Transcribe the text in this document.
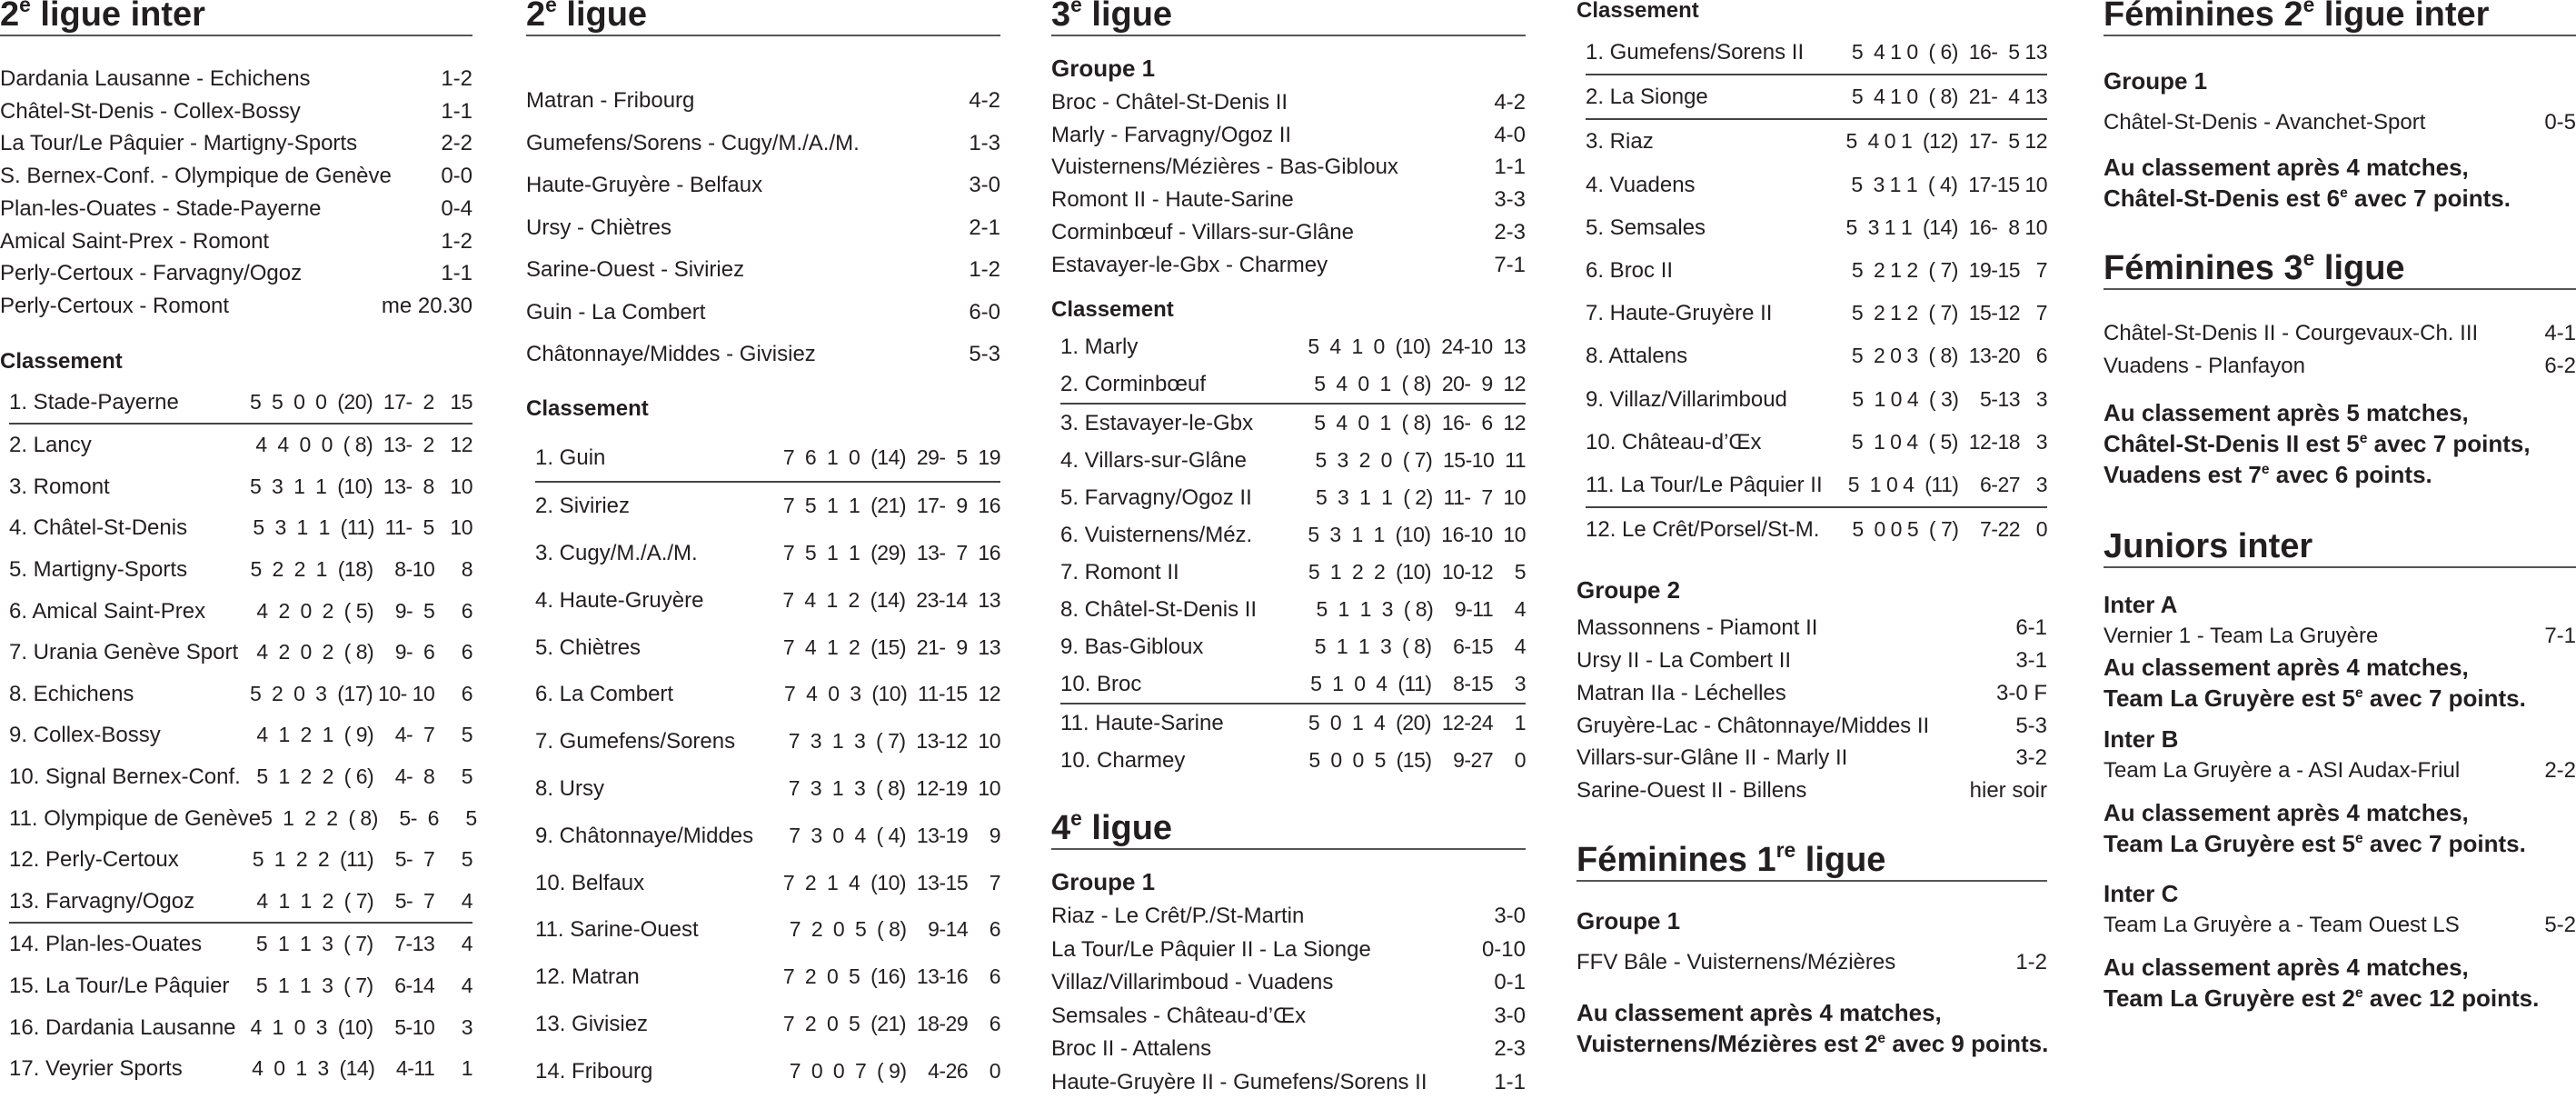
2e ligue inter
Dardania Lausanne - Echichens	1-2
Châtel-St-Denis - Collex-Bossy	1-1
La Tour/Le Pâquier - Martigny-Sports	2-2
S. Bernex-Conf. - Olympique de Genève	0-0
Plan-les-Ouates - Stade-Payerne	0-4
Amical Saint-Prex - Romont	1-2
Perly-Certoux - Farvagny/Ogoz	1-1
Perly-Certoux - Romont	me 20.30
Classement
1. Stade-Payerne	5  5  0  0  (20)  17-  2   15
2. Lancy	4  4  0  0  ( 8)  13-  2   12
3. Romont	5  3  1  1  (10)  13-  8   10
4. Châtel-St-Denis	5  3  1  1  (11)  11-  5   10
5. Martigny-Sports	5  2  2  1  (18)    8-10     8
6. Amical Saint-Prex 4  2  0  2  ( 5)    9-  5     6
7. Urania Genève Sport 4  2  0  2  ( 8)    9-  6     6
8. Echichens	5  2  0  3  (17) 10- 10     6
9. Collex-Bossy	4  1  2  1  ( 9)    4-  7     5
10. Signal Bernex-Conf. 5  1  2  2  ( 6)    4-  8     5
11. Olympique de Genève 5  1  2  2  ( 8)    5-  6     5
12. Perly-Certoux	5  1  2  2  (11)    5-  7     5
13. Farvagny/Ogoz	4  1  1  2  ( 7)    5-  7     4
14. Plan-les-Ouates	5  1  1  3  ( 7)    7-13     4
15. La Tour/Le Pâquier 5  1  1  3  ( 7)    6-14     4
16. Dardania Lausanne 4  1  0  3  (10)    5-10     3
17. Veyrier Sports	4  0  1  3  (14)    4-11     1
2e ligue
Matran - Fribourg	4-2
Gumefens/Sorens - Cugy/M./A./M.	1-3
Haute-Gruyère - Belfaux	3-0
Ursy - Chiètres	2-1
Sarine-Ouest - Siviriez	1-2
Guin - La Combert	6-0
Châtonnaye/Middes - Givisiez	5-3
Classement
1. Guin	7  6  1  0  (14)  29-  5  19
2. Siviriez	7  5  1  1  (21)  17-  9  16
3. Cugy/M./A./M.	7  5  1  1  (29)  13-  7  16
4. Haute-Gruyère	7  4  1  2  (14)  23-14  13
5. Chiètres	7  4  1  2  (15)  21-  9  13
6. La Combert	7  4  0  3  (10)  11-15  12
7. Gumefens/Sorens	7  3  1  3  ( 7)  13-12  10
8. Ursy	7  3  1  3  ( 8)  12-19  10
9. Châtonnaye/Middes 7  3  0  4  ( 4)  13-19    9
10. Belfaux	7  2  1  4  (10)  13-15    7
11. Sarine-Ouest	7  2  0  5  ( 8)    9-14    6
12. Matran	7  2  0  5  (16)  13-16    6
13. Givisiez	7  2  0  5  (21)  18-29    6
14. Fribourg	7  0  0  7  ( 9)    4-26    0
3e ligue
Groupe 1
Broc - Châtel-St-Denis II	4-2
Marly - Farvagny/Ogoz II	4-0
Vuisternens/Mézières - Bas-Gibloux	1-1
Romont II - Haute-Sarine	3-3
Corminbœuf - Villars-sur-Glâne	2-3
Estavayer-le-Gbx - Charmey	7-1
Classement
1. Marly	5  4  1  0  (10)  24-10  13
2. Corminbœuf	5  4  0  1  ( 8)  20-  9  12
3. Estavayer-le-Gbx	5  4  0  1  ( 8)  16-  6  12
4. Villars-sur-Glâne	5  3  2  0  ( 7)  15-10  11
5. Farvagny/Ogoz II	5  3  1  1  ( 2)  11-  7  10
6. Vuisternens/Méz.	5  3  1  1  (10)  16-10  10
7. Romont II	5  1  2  2  (10)  10-12    5
8. Châtel-St-Denis II	5  1  1  3  ( 8)    9-11    4
9. Bas-Gibloux	5  1  1  3  ( 8)    6-15    4
10. Broc	5  1  0  4  (11)    8-15    3
11. Haute-Sarine	5  0  1  4  (20)  12-24    1
10. Charmey	5  0  0  5  (15)    9-27    0
4e ligue
Groupe 1
Riaz - Le Crêt/P./St-Martin	3-0
La Tour/Le Pâquier II - La Sionge	0-10
Villaz/Villarimboud - Vuadens	0-1
Semsales - Château-d’Œx	3-0
Broc II - Attalens	2-3
Haute-Gruyère II - Gumefens/Sorens II	1-1
Classement
1. Gumefens/Sorens II 5  4 1 0  ( 6)  16-  5 13
2. La Sionge	5  4 1 0  ( 8)  21-  4 13
3. Riaz	5  4 0 1  (12)  17-  5 12
4. Vuadens	5  3 1 1  ( 4)  17-15 10
5. Semsales	5  3 1 1  (14)  16-  8 10
6. Broc II	5  2 1 2  ( 7)  19-15   7
7. Haute-Gruyère II	5  2 1 2  ( 7)  15-12   7
8. Attalens	5  2 0 3  ( 8)  13-20   6
9. Villaz/Villarimboud	5  1 0 4  ( 3)    5-13   3
10. Château-d’Œx	5  1 0 4  ( 5)  12-18   3
11. La Tour/Le Pâquier II 5  1 0 4  (11)    6-27   3
12. Le Crêt/Porsel/St-M. 5  0 0 5  ( 7)    7-22   0
Groupe 2
Massonnens - Piamont II	6-1
Ursy II - La Combert II	3-1
Matran IIa - Léchelles	3-0 F
Gruyère-Lac - Châtonnaye/Middes II	5-3
Villars-sur-Glâne II - Marly II	3-2
Sarine-Ouest II - Billens	hier soir
Féminines 1re ligue
Groupe 1
FFV Bâle - Vuisternens/Mézières	1-2

Au classement après 4 matches,

Vuisternens/Mézières est 2e avec 9 points.

Féminines 2e ligue inter
Groupe 1
Châtel-St-Denis - Avanchet-Sport	0-5

Au classement après 4 matches,

Châtel-St-Denis est 6e avec 7 points.

Féminines 3e ligue
Châtel-St-Denis II - Courgevaux-Ch. III	4-1
Vuadens - Planfayon	6-2

Au classement après 5 matches,

Châtel-St-Denis II est 5e avec 7 points,

Vuadens est 7e avec 6 points.

Juniors inter
Inter A
Vernier 1 - Team La Gruyère	7-1

Au classement après 4 matches,

Team La Gruyère est 5e avec 7 points.

Inter B
Team La Gruyère a - ASI Audax-Friul	2-2

Au classement après 4 matches,

Team La Gruyère est 5e avec 7 points.

Inter C
Team La Gruyère a - Team Ouest LS	5-2

Au classement après 4 matches,

Team La Gruyère est 2e avec 12 points.
